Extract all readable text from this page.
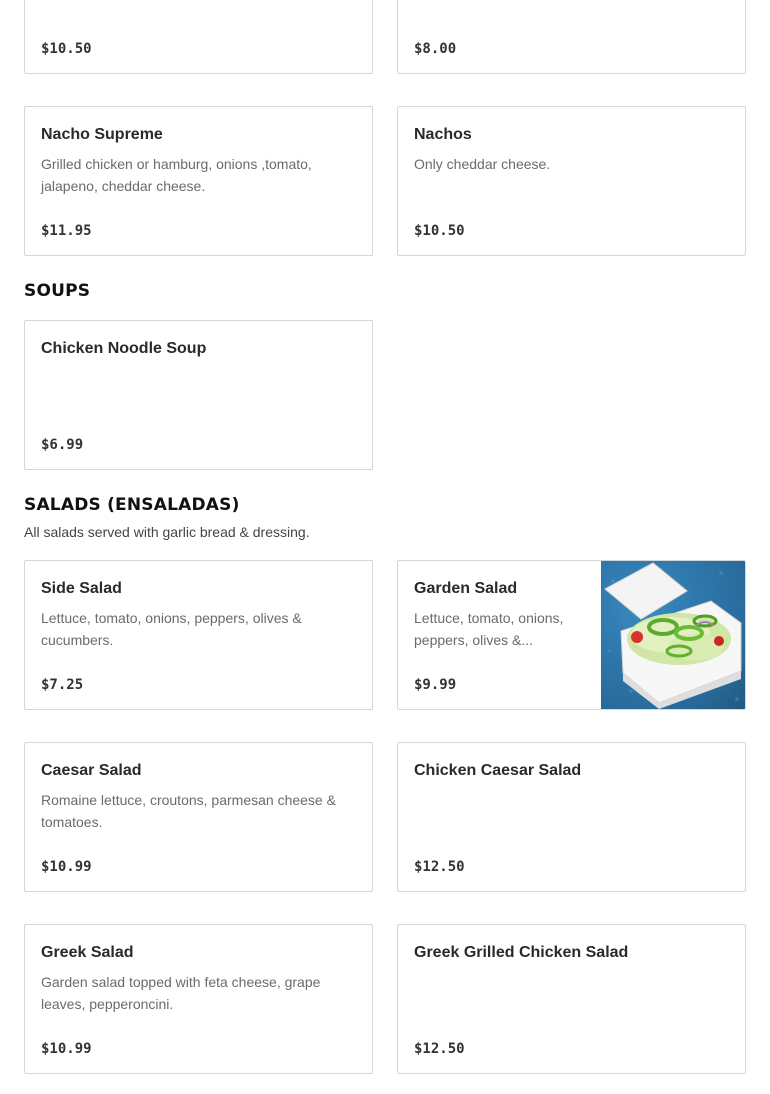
$10.50	$8.00
Nacho Supreme
Grilled chicken or hamburg, onions ,tomato, jalapeno, cheddar cheese.
$11.95
Nachos
Only cheddar cheese.
$10.50
SOUPS
Chicken Noodle Soup
$6.99
SALADS (ENSALADAS)
All salads served with garlic bread & dressing.
Side Salad
Lettuce, tomato, onions, peppers, olives & cucumbers.
$7.25
Garden Salad
Lettuce, tomato, onions, peppers, olives &...
$9.99
Caesar Salad
Romaine lettuce, croutons, parmesan cheese & tomatoes.
$10.99
Chicken Caesar Salad
$12.50
Greek Salad
Garden salad topped with feta cheese, grape leaves, pepperoncini.
$10.99
Greek Grilled Chicken Salad
$12.50
